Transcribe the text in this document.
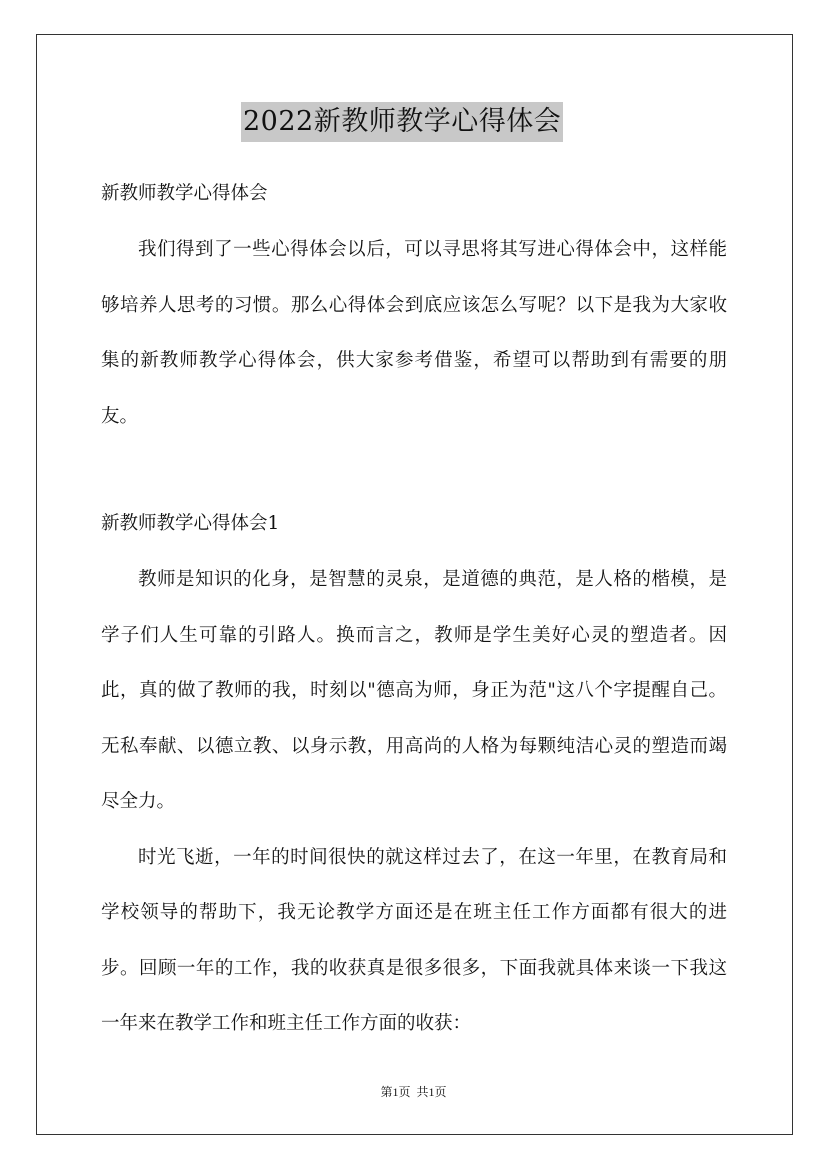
2022新教师教学心得体会

新教师教学心得体会

我们得到了一些心得体会以后，可以寻思将其写进心得体会中，这样能够培养人思考的习惯。那么心得体会到底应该怎么写呢？以下是我为大家收集的新教师教学心得体会，供大家参考借鉴，希望可以帮助到有需要的朋友。

新教师教学心得体会1

教师是知识的化身，是智慧的灵泉，是道德的典范，是人格的楷模，是学子们人生可靠的引路人。换而言之，教师是学生美好心灵的塑造者。因此，真的做了教师的我，时刻以"德高为师，身正为范"这八个字提醒自己。无私奉献、以德立教、以身示教，用高尚的人格为每颗纯洁心灵的塑造而竭尽全力。

时光飞逝，一年的时间很快的就这样过去了，在这一年里，在教育局和学校领导的帮助下，我无论教学方面还是在班主任工作方面都有很大的进步。回顾一年的工作，我的收获真是很多很多，下面我就具体来谈一下我这一年来在教学工作和班主任工作方面的收获：

第1页  共1页
